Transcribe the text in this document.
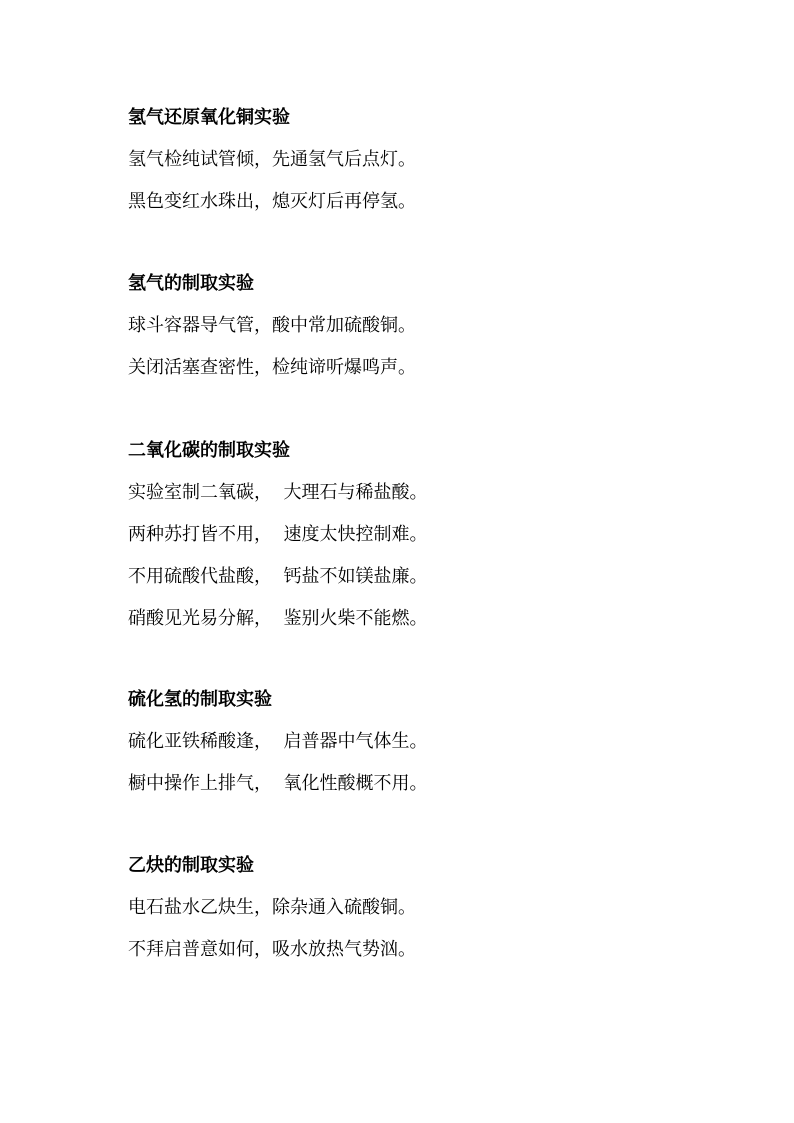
氢气还原氧化铜实验
氢气检纯试管倾，先通氢气后点灯。
黑色变红水珠出，熄灭灯后再停氢。
氢气的制取实验
球斗容器导气管，酸中常加硫酸铜。
关闭活塞查密性，检纯谛听爆鸣声。
二氧化碳的制取实验
实验室制二氧碳，  大理石与稀盐酸。
两种苏打皆不用，  速度太快控制难。
不用硫酸代盐酸，  钙盐不如镁盐廉。
硝酸见光易分解，  鉴别火柴不能燃。
硫化氢的制取实验
硫化亚铁稀酸逢，  启普器中气体生。
橱中操作上排气，  氧化性酸概不用。
乙炔的制取实验
电石盐水乙炔生，除杂通入硫酸铜。
不拜启普意如何，吸水放热气势汹。
